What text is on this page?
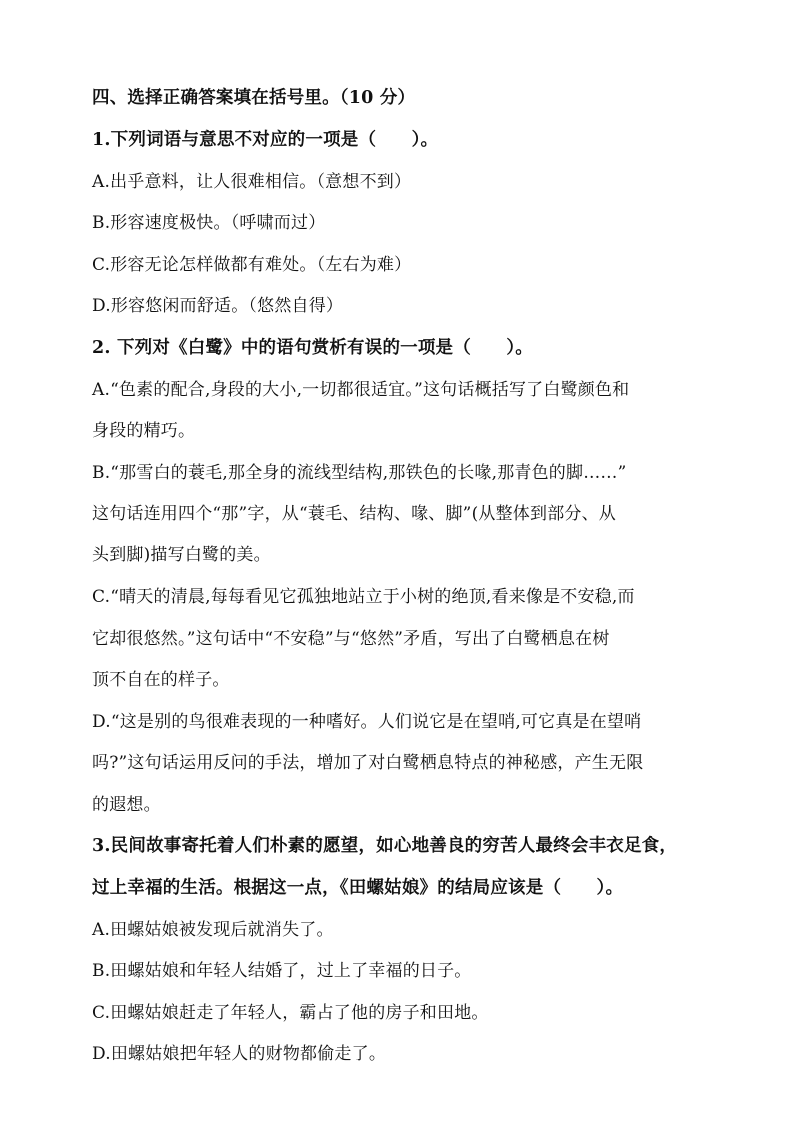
四、选择正确答案填在括号里。（10 分）
1.下列词语与意思不对应的一项是（　　）。
A.出乎意料，让人很难相信。（意想不到）
B.形容速度极快。（呼啸而过）
C.形容无论怎样做都有难处。（左右为难）
D.形容悠闲而舒适。（悠然自得）
2. 下列对《白鹭》中的语句赏析有误的一项是（　　）。
A.“色素的配合,身段的大小,一切都很适宜。”这句话概括写了白鹭颜色和
身段的精巧。
B.“那雪白的蓑毛,那全身的流线型结构,那铁色的长喙,那青色的脚……”
这句话连用四个“那”字，从“蓑毛、结构、喙、脚”(从整体到部分、从
头到脚)描写白鹭的美。
C.“晴天的清晨,每每看见它孤独地站立于小树的绝顶,看来像是不安稳,而
它却很悠然。”这句话中“不安稳”与“悠然”矛盾，写出了白鹭栖息在树
顶不自在的样子。
D.“这是别的鸟很难表现的一种嗜好。人们说它是在望哨,可它真是在望哨
吗?”这句话运用反问的手法，增加了对白鹭栖息特点的神秘感，产生无限
的遐想。
3.民间故事寄托着人们朴素的愿望，如心地善良的穷苦人最终会丰衣足食，
过上幸福的生活。根据这一点，《田螺姑娘》的结局应该是（　　）。
A.田螺姑娘被发现后就消失了。
B.田螺姑娘和年轻人结婚了，过上了幸福的日子。
C.田螺姑娘赶走了年轻人，霸占了他的房子和田地。
D.田螺姑娘把年轻人的财物都偷走了。
